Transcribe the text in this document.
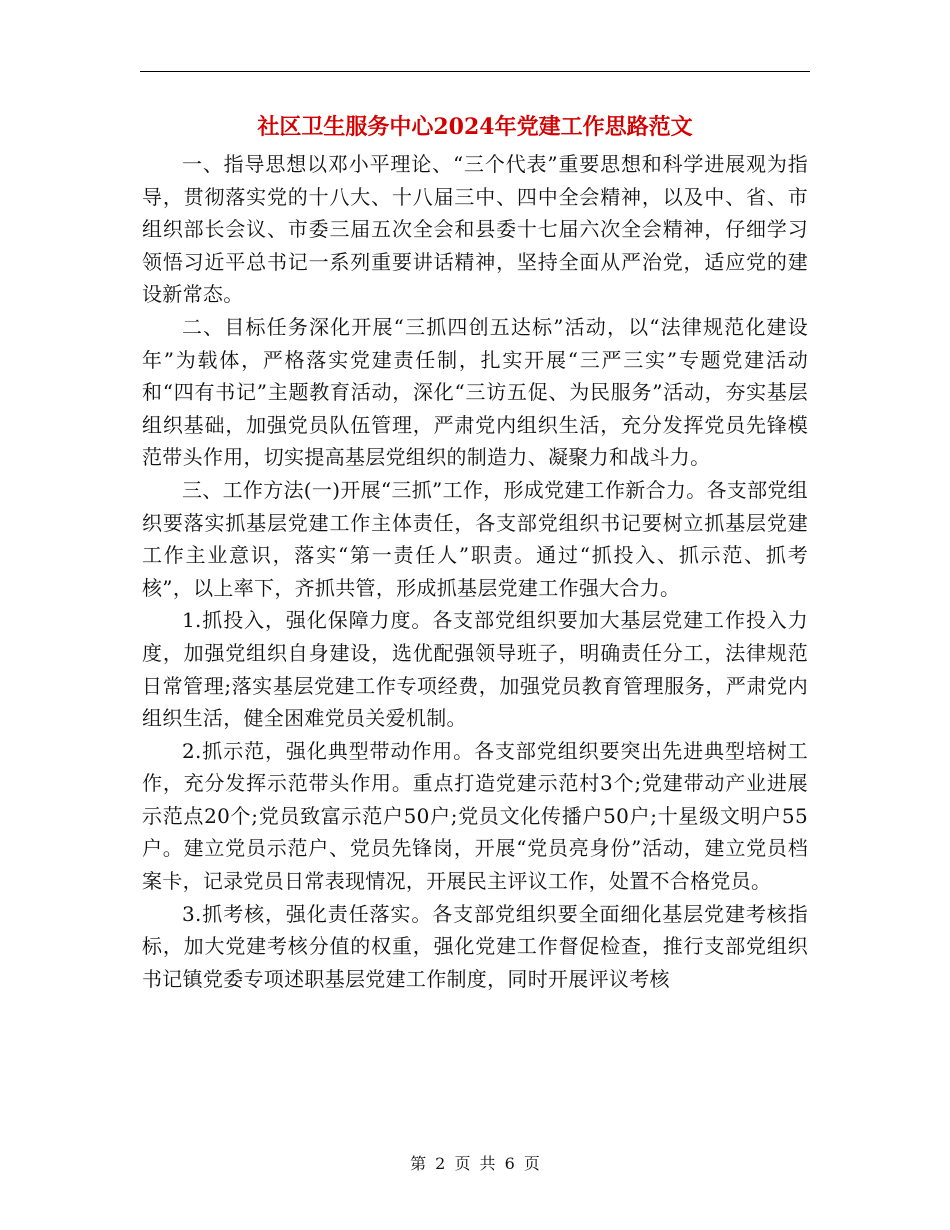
社区卫生服务中心2024年党建工作思路范文

一、指导思想以邓小平理论、“三个代表”重要思想和科学进展观为指导，贯彻落实党的十八大、十八届三中、四中全会精神，以及中、省、市组织部长会议、市委三届五次全会和县委十七届六次全会精神，仔细学习领悟习近平总书记一系列重要讲话精神，坚持全面从严治党，适应党的建设新常态。

二、目标任务深化开展“三抓四创五达标”活动，以“法律规范化建设年”为载体，严格落实党建责任制，扎实开展“三严三实”专题党建活动和“四有书记”主题教育活动，深化“三访五促、为民服务”活动，夯实基层组织基础，加强党员队伍管理，严肃党内组织生活，充分发挥党员先锋模范带头作用，切实提高基层党组织的制造力、凝聚力和战斗力。

三、工作方法(一)开展“三抓”工作，形成党建工作新合力。各支部党组织要落实抓基层党建工作主体责任，各支部党组织书记要树立抓基层党建工作主业意识，落实“第一责任人”职责。通过“抓投入、抓示范、抓考核”，以上率下，齐抓共管，形成抓基层党建工作强大合力。

1.抓投入，强化保障力度。各支部党组织要加大基层党建工作投入力度，加强党组织自身建设，选优配强领导班子，明确责任分工，法律规范日常管理;落实基层党建工作专项经费，加强党员教育管理服务，严肃党内组织生活，健全困难党员关爱机制。

2.抓示范，强化典型带动作用。各支部党组织要突出先进典型培树工作，充分发挥示范带头作用。重点打造党建示范村3个;党建带动产业进展示范点20个;党员致富示范户50户;党员文化传播户50户;十星级文明户55户。建立党员示范户、党员先锋岗，开展“党员亮身份”活动，建立党员档案卡，记录党员日常表现情况，开展民主评议工作，处置不合格党员。

3.抓考核，强化责任落实。各支部党组织要全面细化基层党建考核指标，加大党建考核分值的权重，强化党建工作督促检查，推行支部党组织书记镇党委专项述职基层党建工作制度，同时开展评议考核

第 2 页 共 6 页
